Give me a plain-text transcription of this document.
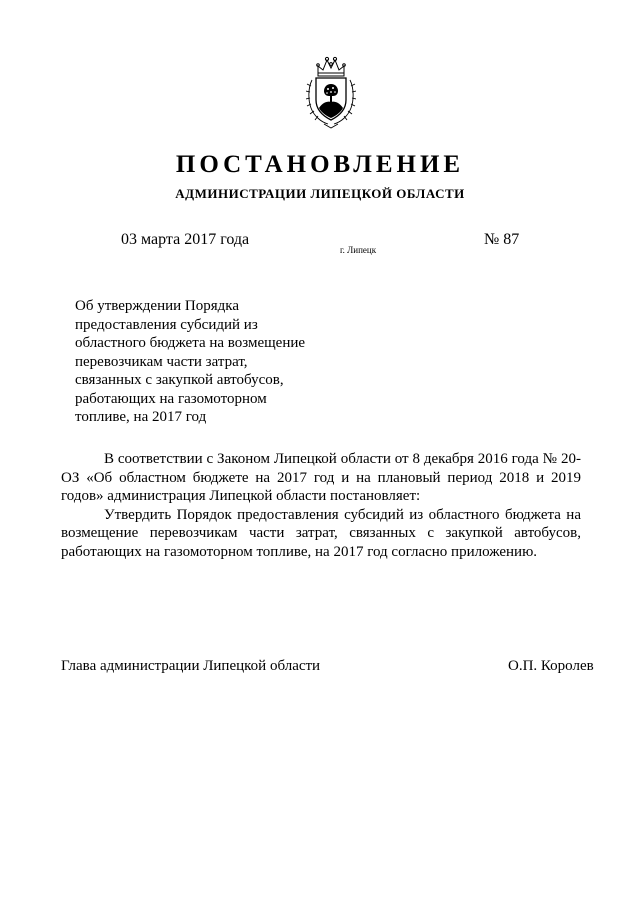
ПОСТАНОВЛЕНИЕ
АДМИНИСТРАЦИИ ЛИПЕЦКОЙ ОБЛАСТИ
03 марта 2017 года
г. Липецк
№ 87
Об утверждении Порядка
предоставления субсидий из
областного бюджета на возмещение
перевозчикам части затрат,
связанных с закупкой автобусов,
работающих на газомоторном
топливе, на 2017 год

В соответствии с Законом Липецкой области от 8 декабря 2016 года № 20-ОЗ «Об областном бюджете на 2017 год и на плановый период 2018 и 2019 годов» администрация Липецкой области постановляет:

Утвердить Порядок предоставления субсидий из областного бюджета на возмещение перевозчикам части затрат, связанных с закупкой автобусов, работающих на газомоторном топливе, на 2017 год согласно приложению.

Глава администрации Липецкой области	О.П. Королев
